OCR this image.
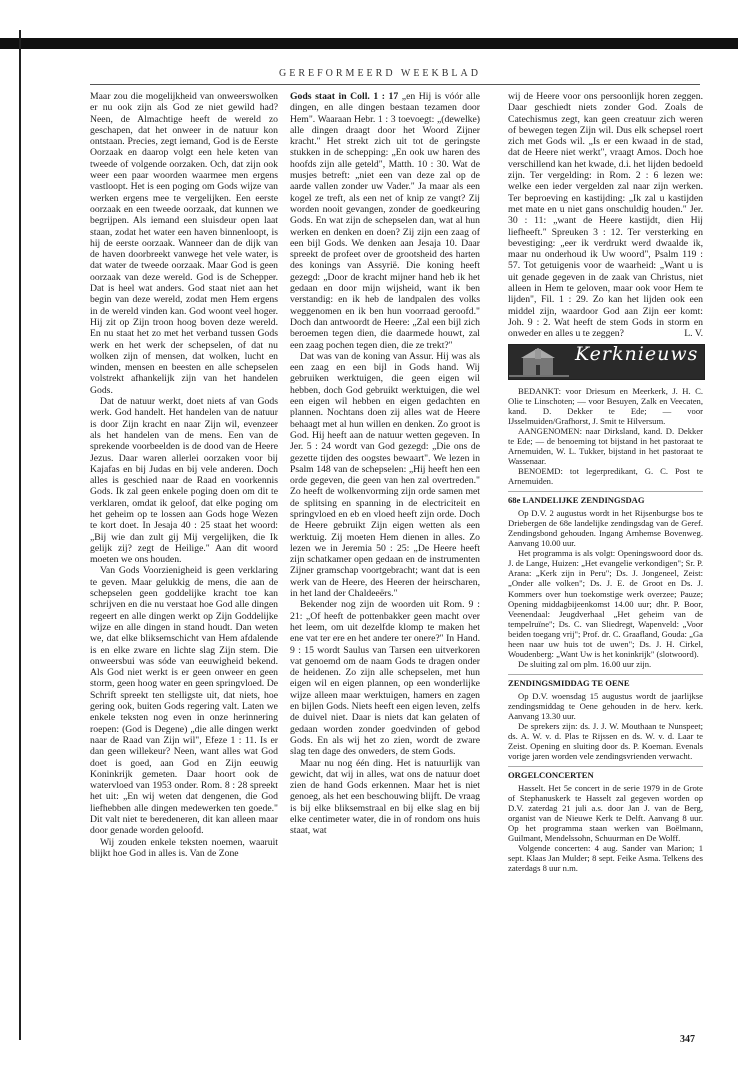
GEREFORMEERD WEEKBLAD

Maar zou die mogelijkheid van onweerswolken er nu ook zijn als God ze niet gewild had? Neen, de Almachtige heeft de wereld zo geschapen, dat het onweer in de natuur kon ontstaan. Precies, zegt iemand, God is de Eerste Oorzaak en daarop volgt een hele keten van tweede of volgende oorzaken. Och, dat zijn ook weer een paar woorden waarmee men ergens vastloopt. Het is een poging om Gods wijze van werken ergens mee te vergelijken. Een eerste oorzaak en een tweede oorzaak, dat kunnen we begrijpen. Als iemand een sluisdeur open laat staan, zodat het water een haven binnenloopt, is hij de eerste oorzaak. Wanneer dan de dijk van de haven doorbreekt vanwege het vele water, is dat water de tweede oorzaak. Maar God is geen oorzaak van deze wereld. God is de Schepper. Dat is heel wat anders. God staat niet aan het begin van deze wereld, zodat men Hem ergens in de wereld vinden kan. God woont veel hoger. Hij zit op Zijn troon hoog boven deze wereld. En nu staat het zo met het verband tussen Gods werk en het werk der schepselen, of dat nu wolken zijn of mensen, dat wolken, lucht en winden, mensen en beesten en alle schepselen volstrekt afhankelijk zijn van het handelen Gods.

Dat de natuur werkt, doet niets af van Gods werk. God handelt. Het handelen van de natuur is door Zijn kracht en naar Zijn wil, evenzeer als het handelen van de mens. Een van de sprekende voorbeelden is de dood van de Heere Jezus. Daar waren allerlei oorzaken voor bij Kajafas en bij Judas en bij vele anderen. Doch alles is geschied naar de Raad en voorkennis Gods. Ik zal geen enkele poging doen om dit te verklaren, omdat ik geloof, dat elke poging om het geheim op te lossen aan Gods hoge Wezen te kort doet. In Jesaja 40 : 25 staat het woord: „Bij wie dan zult gij Mij vergelijken, die Ik gelijk zij? zegt de Heilige." Aan dit woord moeten we ons houden.

Van Gods Voorzienigheid is geen verklaring te geven. Maar gelukkig de mens, die aan de schepselen geen goddelijke kracht toe kan schrijven en die nu verstaat hoe God alle dingen regeert en alle dingen werkt op Zijn Goddelijke wijze en alle dingen in stand houdt. Dan weten we, dat elke bliksemschicht van Hem afdalende is en elke zware en lichte slag Zijn stem. Die onweersbui was sóde van eeuwigheid bekend. Als God niet werkt is er geen onweer en geen storm, geen hoog water en geen springvloed. De Schrift spreekt ten stelligste uit, dat niets, hoe gering ook, buiten Gods regering valt. Laten we enkele teksten nog even in onze herinnering roepen: (God is Degene) „die alle dingen werkt naar de Raad van Zijn wil", Efeze 1 : 11. Is er dan geen willekeur? Neen, want alles wat God doet is goed, aan God en Zijn eeuwig Koninkrijk gemeten. Daar hoort ook de watervloed van 1953 onder. Rom. 8 : 28 spreekt het uit: „En wij weten dat dengenen, die God liefhebben alle dingen medewerken ten goede." Dit valt niet te beredeneren, dit kan alleen maar door genade worden geloofd.

Wij zouden enkele teksten noemen, waaruit blijkt hoe God in alles is. Van de Zone

Gods staat in Coll. 1 : 17 „en Hij is vóór alle dingen, en alle dingen bestaan tezamen door Hem". Waaraan Hebr. 1 : 3 toevoegt: „(dewelke) alle dingen draagt door het Woord Zijner kracht." Het strekt zich uit tot de geringste stukken in de schepping: „En ook uw haren des hoofds zijn alle geteld", Matth. 10 : 30. Wat de musjes betreft: „niet een van deze zal op de aarde vallen zonder uw Vader." Ja maar als een kogel ze treft, als een net of knip ze vangt? Zij worden nooit gevangen, zonder de goedkeuring Gods. En wat zijn de schepselen dan, wat al hun werken en denken en doen? Zij zijn een zaag of een bijl Gods. We denken aan Jesaja 10. Daar spreekt de profeet over de grootsheid des harten des konings van Assyrië. Die koning heeft gezegd: „Door de kracht mijner hand heb ik het gedaan en door mijn wijsheid, want ik ben verstandig: en ik heb de landpalen des volks weggenomen en ik ben hun voorraad geroofd." Doch dan antwoordt de Heere: „Zal een bijl zich beroemen tegen dien, die daarmede houwt, zal een zaag pochen tegen dien, die ze trekt?"

Dat was van de koning van Assur. Hij was als een zaag en een bijl in Gods hand. Wij gebruiken werktuigen, die geen eigen wil hebben, doch God gebruikt werktuigen, die wel een eigen wil hebben en eigen gedachten en plannen. Nochtans doen zij alles wat de Heere behaagt met al hun willen en denken. Zo groot is God. Hij heeft aan de natuur wetten gegeven. In Jer. 5 : 24 wordt van God gezegd: „Die ons de gezette tijden des oogstes bewaart". We lezen in Psalm 148 van de schepselen: „Hij heeft hen een orde gegeven, die geen van hen zal overtreden." Zo heeft de wolkenvorming zijn orde samen met de splitsing en spanning in de electriciteit en springvloed en eb en vloed heeft zijn orde. Doch de Heere gebruikt Zijn eigen wetten als een werktuig. Zij moeten Hem dienen in alles. Zo lezen we in Jeremia 50 : 25: „De Heere heeft zijn schatkamer open gedaan en de instrumenten Zijner gramschap voortgebracht; want dat is een werk van de Heere, des Heeren der heirscharen, in het land der Chaldeeërs."

Bekender nog zijn de woorden uit Rom. 9 : 21: „Of heeft de pottenbakker geen macht over het leem, om uit dezelfde klomp te maken het ene vat ter ere en het andere ter onere?" In Hand. 9 : 15 wordt Saulus van Tarsen een uitverkoren vat genoemd om de naam Gods te dragen onder de heidenen. Zo zijn alle schepselen, met hun eigen wil en eigen plannen, op een wonderlijke wijze alleen maar werktuigen, hamers en zagen en bijlen Gods. Niets heeft een eigen leven, zelfs de duivel niet. Daar is niets dat kan gelaten of gedaan worden zonder goedvinden of gebod Gods. En als wij het zo zien, wordt de zware slag ten dage des onweders, de stem Gods.

Maar nu nog één ding. Het is natuurlijk van gewicht, dat wij in alles, wat ons de natuur doet zien de hand Gods erkennen. Maar het is niet genoeg, als het een beschouwing blijft. De vraag is bij elke bliksemstraal en bij elke slag en bij elke centimeter water, die in of rondom ons huis staat, wat

wij de Heere voor ons persoonlijk horen zeggen. Daar geschiedt niets zonder God. Zoals de Catechismus zegt, kan geen creatuur zich weren of bewegen tegen Zijn wil. Dus elk schepsel roert zich met Gods wil. „Is er een kwaad in de stad, dat de Heere niet werkt", vraagt Amos. Doch hoe verschillend kan het kwade, d.i. het lijden bedoeld zijn. Ter vergelding: in Rom. 2 : 6 lezen we: welke een ieder vergelden zal naar zijn werken. Ter beproeving en kastijding: „Ik zal u kastijden met mate en u niet gans onschuldig houden." Jer. 30 : 11: „want de Heere kastijdt, dien Hij liefheeft." Spreuken 3 : 12. Ter versterking en bevestiging: „eer ik verdrukt werd dwaalde ik, maar nu onderhoud ik Uw woord", Psalm 119 : 57. Tot getuigenis voor de waarheid: „Want u is uit genade gegeven in de zaak van Christus, niet alleen in Hem te geloven, maar ook voor Hem te lijden", Fil. 1 : 29. Zo kan het lijden ook een middel zijn, waardoor God aan Zijn eer komt: Joh. 9 : 2. Wat heeft de stem Gods in storm en onweder en alles u te zeggen?	L. V.

Kerknieuws

BEDANKT: voor Driesum en Meerkerk, J. H. C. Olie te Linschoten; — voor Besuyen, Zalk en Veecaten, kand. D. Dekker te Ede; — voor IJsselmuiden/Grafhorst, J. Smit te Hilversum.

AANGENOMEN: naar Dirksland, kand. D. Dekker te Ede; — de benoeming tot bijstand in het pastoraat te Arnemuiden, W. L. Tukker, bijstand in het pastoraat te Wassenaar.

BENOEMD: tot legerpredikant, G. C. Post te Arnemuiden.

68e LANDELIJKE ZENDINGSDAG

Op D.V. 2 augustus wordt in het Rijsenburgse bos te Driebergen de 68e landelijke zendingsdag van de Geref. Zendingsbond gehouden. Ingang Arnhemse Bovenweg. Aanvang 10.00 uur.

Het programma is als volgt: Openingswoord door ds. J. de Lange, Huizen: „Het evangelie verkondigen"; Sr. P. Arana: „Kerk zijn in Peru"; Ds. J. Jongeneel, Zeist: „Onder alle volken"; Ds. J. E. de Groot en Ds. J. Kommers over hun toekomstige werk overzee; Pauze; Opening middagbijeenkomst 14.00 uur; dhr. P. Boor, Veenendaal: Jeugdverhaal „Het geheim van de tempelruïne"; Ds. C. van Sliedregt, Wapenveld: „Voor beiden toegang vrij"; Prof. dr. C. Graafland, Gouda: „Ga heen naar uw huis tot de uwen"; Ds. J. H. Cirkel, Woudenberg: „Want Uw is het koninkrijk" (slotwoord).

De sluiting zal om plm. 16.00 uur zijn.

ZENDINGSMIDDAG TE OENE

Op D.V. woensdag 15 augustus wordt de jaarlijkse zendingsmiddag te Oene gehouden in de herv. kerk. Aanvang 13.30 uur.

De sprekers zijn: ds. J. J. W. Mouthaan te Nunspeet; ds. A. W. v. d. Plas te Rijssen en ds. W. v. d. Laar te Zeist. Opening en sluiting door ds. P. Koeman. Evenals vorige jaren worden vele zendingsvrienden verwacht.

ORGELCONCERTEN

Hasselt. Het 5e concert in de serie 1979 in de Grote of Stephanuskerk te Hasselt zal gegeven worden op D.V. zaterdag 21 juli a.s. door Jan J. van de Berg, organist van de Nieuwe Kerk te Delft. Aanvang 8 uur. Op het programma staan werken van Boëlmann, Guilmant, Mendelssohn, Schuurman en De Wolff.

Volgende concerten: 4 aug. Sander van Marion; 1 sept. Klaas Jan Mulder; 8 sept. Feike Asma. Telkens des zaterdags 8 uur n.m.

347
